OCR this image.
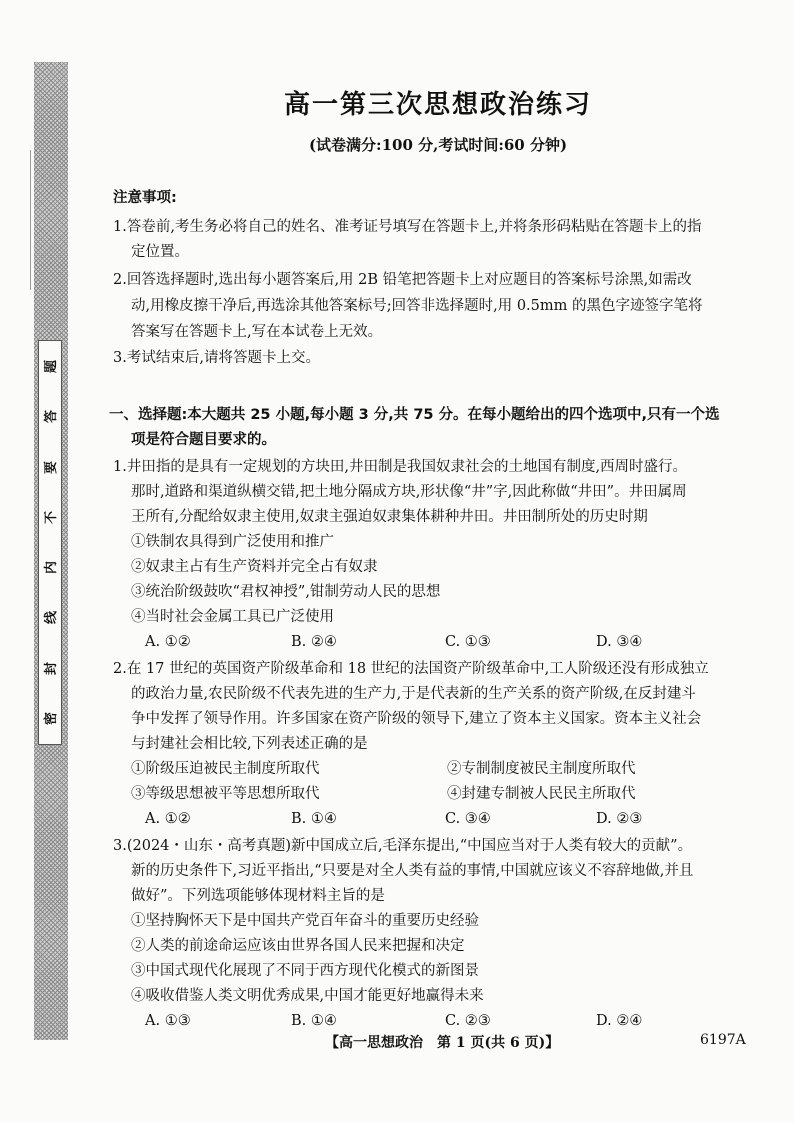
题
答
要
不
内
线
封
密
高一第三次思想政治练习
(试卷满分:100 分,考试时间:60 分钟)
注意事项:
1.答卷前,考生务必将自己的姓名、准考证号填写在答题卡上,并将条形码粘贴在答题卡上的指
定位置。
2.回答选择题时,选出每小题答案后,用 2B 铅笔把答题卡上对应题目的答案标号涂黑,如需改
动,用橡皮擦干净后,再选涂其他答案标号;回答非选择题时,用 0.5mm 的黑色字迹签字笔将
答案写在答题卡上,写在本试卷上无效。
3.考试结束后,请将答题卡上交。
一、选择题:本大题共 25 小题,每小题 3 分,共 75 分。在每小题给出的四个选项中,只有一个选
项是符合题目要求的。
1.井田指的是具有一定规划的方块田,井田制是我国奴隶社会的土地国有制度,西周时盛行。
那时,道路和渠道纵横交错,把土地分隔成方块,形状像“井”字,因此称做“井田”。井田属周
王所有,分配给奴隶主使用,奴隶主强迫奴隶集体耕种井田。井田制所处的历史时期
①铁制农具得到广泛使用和推广
②奴隶主占有生产资料并完全占有奴隶
③统治阶级鼓吹“君权神授”,钳制劳动人民的思想
④当时社会金属工具已广泛使用
A. ①②	B. ②④	C. ①③	D. ③④
2.在 17 世纪的英国资产阶级革命和 18 世纪的法国资产阶级革命中,工人阶级还没有形成独立
的政治力量,农民阶级不代表先进的生产力,于是代表新的生产关系的资产阶级,在反封建斗
争中发挥了领导作用。许多国家在资产阶级的领导下,建立了资本主义国家。资本主义社会
与封建社会相比较,下列表述正确的是
①阶级压迫被民主制度所取代	②专制制度被民主制度所取代
③等级思想被平等思想所取代	④封建专制被人民民主所取代
A. ①②	B. ①④	C. ③④	D. ②③
3.(2024・山东・高考真题)新中国成立后,毛泽东提出,“中国应当对于人类有较大的贡献”。
新的历史条件下,习近平指出,“只要是对全人类有益的事情,中国就应该义不容辞地做,并且
做好”。下列选项能够体现材料主旨的是
①坚持胸怀天下是中国共产党百年奋斗的重要历史经验
②人类的前途命运应该由世界各国人民来把握和决定
③中国式现代化展现了不同于西方现代化模式的新图景
④吸收借鉴人类文明优秀成果,中国才能更好地赢得未来
A. ①③	B. ①④	C. ②③	D. ②④
【高一思想政治　第 1 页(共 6 页)】	6197A
